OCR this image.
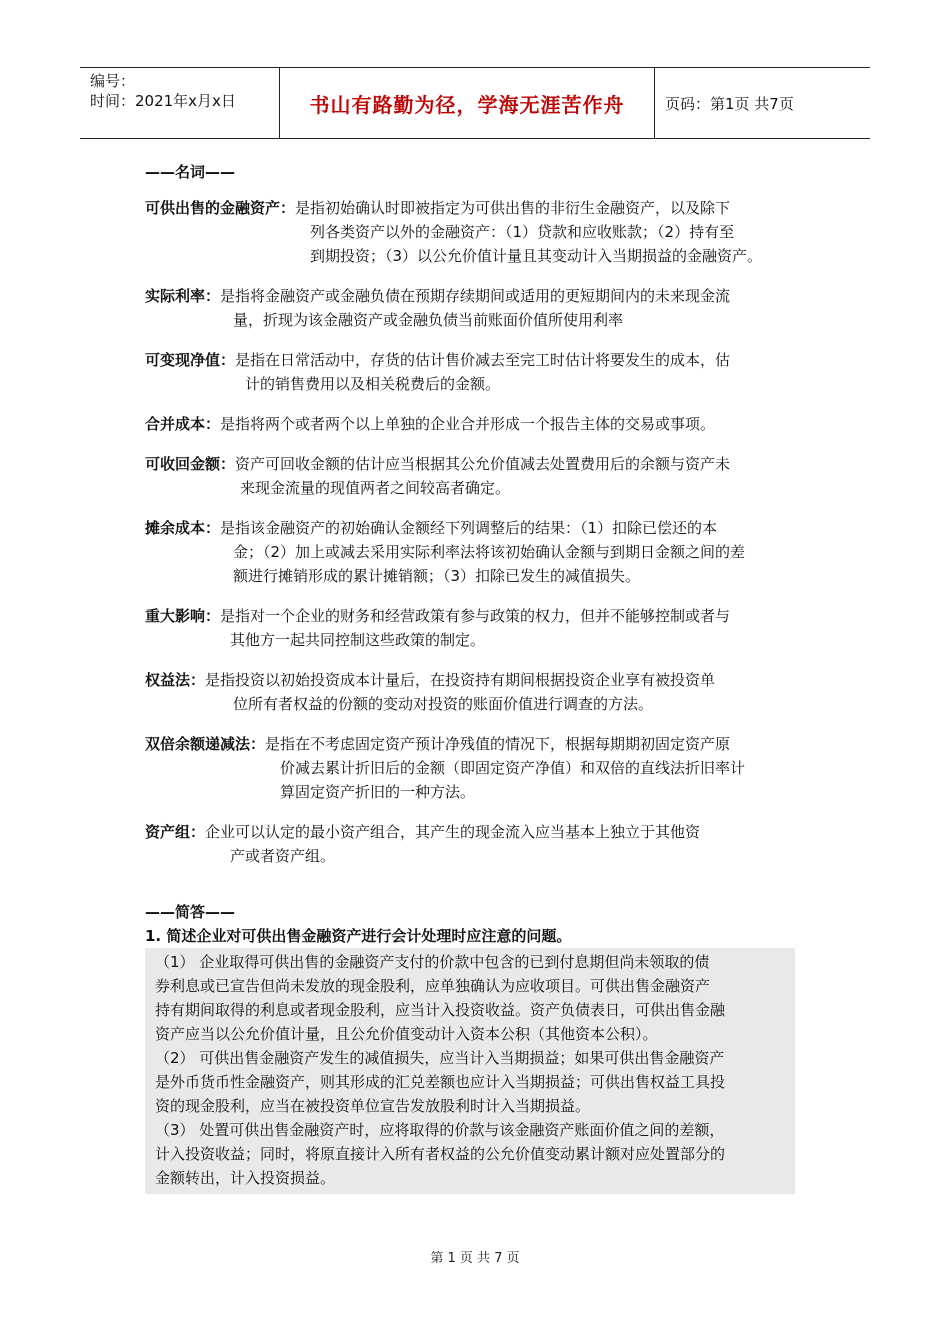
编号：
时间：2021年x月x日	书山有路勤为径，学海无涯苦作舟	页码：第1页 共7页

——名词——

可供出售的金融资产：是指初始确认时即被指定为可供出售的非衍生金融资产，以及除下
列各类资产以外的金融资产：（1）贷款和应收账款；（2）持有至
到期投资；（3）以公允价值计量且其变动计入当期损益的金融资产。
实际利率：是指将金融资产或金融负债在预期存续期间或适用的更短期间内的未来现金流
量，折现为该金融资产或金融负债当前账面价值所使用利率
可变现净值：是指在日常活动中，存货的估计售价减去至完工时估计将要发生的成本，估
计的销售费用以及相关税费后的金额。
合并成本：是指将两个或者两个以上单独的企业合并形成一个报告主体的交易或事项。
可收回金额：资产可回收金额的估计应当根据其公允价值减去处置费用后的余额与资产未
来现金流量的现值两者之间较高者确定。
摊余成本：是指该金融资产的初始确认金额经下列调整后的结果：（1）扣除已偿还的本
金；（2）加上或减去采用实际利率法将该初始确认金额与到期日金额之间的差
额进行摊销形成的累计摊销额；（3）扣除已发生的减值损失。
重大影响：是指对一个企业的财务和经营政策有参与政策的权力，但并不能够控制或者与
其他方一起共同控制这些政策的制定。
权益法：是指投资以初始投资成本计量后，在投资持有期间根据投资企业享有被投资单
位所有者权益的份额的变动对投资的账面价值进行调查的方法。
双倍余额递减法：是指在不考虑固定资产预计净残值的情况下，根据每期期初固定资产原
价减去累计折旧后的金额（即固定资产净值）和双倍的直线法折旧率计
算固定资产折旧的一种方法。
资产组：企业可以认定的最小资产组合，其产生的现金流入应当基本上独立于其他资
产或者资产组。

——简答——

1. 简述企业对可供出售金融资产进行会计处理时应注意的问题。

（1） 企业取得可供出售的金融资产支付的价款中包含的已到付息期但尚未领取的债

券利息或已宣告但尚未发放的现金股利，应单独确认为应收项目。可供出售金融资产

持有期间取得的利息或者现金股利，应当计入投资收益。资产负债表日，可供出售金融

资产应当以公允价值计量，且公允价值变动计入资本公积（其他资本公积）。

（2） 可供出售金融资产发生的减值损失，应当计入当期损益；如果可供出售金融资产

是外币货币性金融资产，则其形成的汇兑差额也应计入当期损益；可供出售权益工具投

资的现金股利，应当在被投资单位宣告发放股利时计入当期损益。

（3） 处置可供出售金融资产时，应将取得的价款与该金融资产账面价值之间的差额，

计入投资收益；同时，将原直接计入所有者权益的公允价值变动累计额对应处置部分的

金额转出，计入投资损益。

第 1 页 共 7 页
